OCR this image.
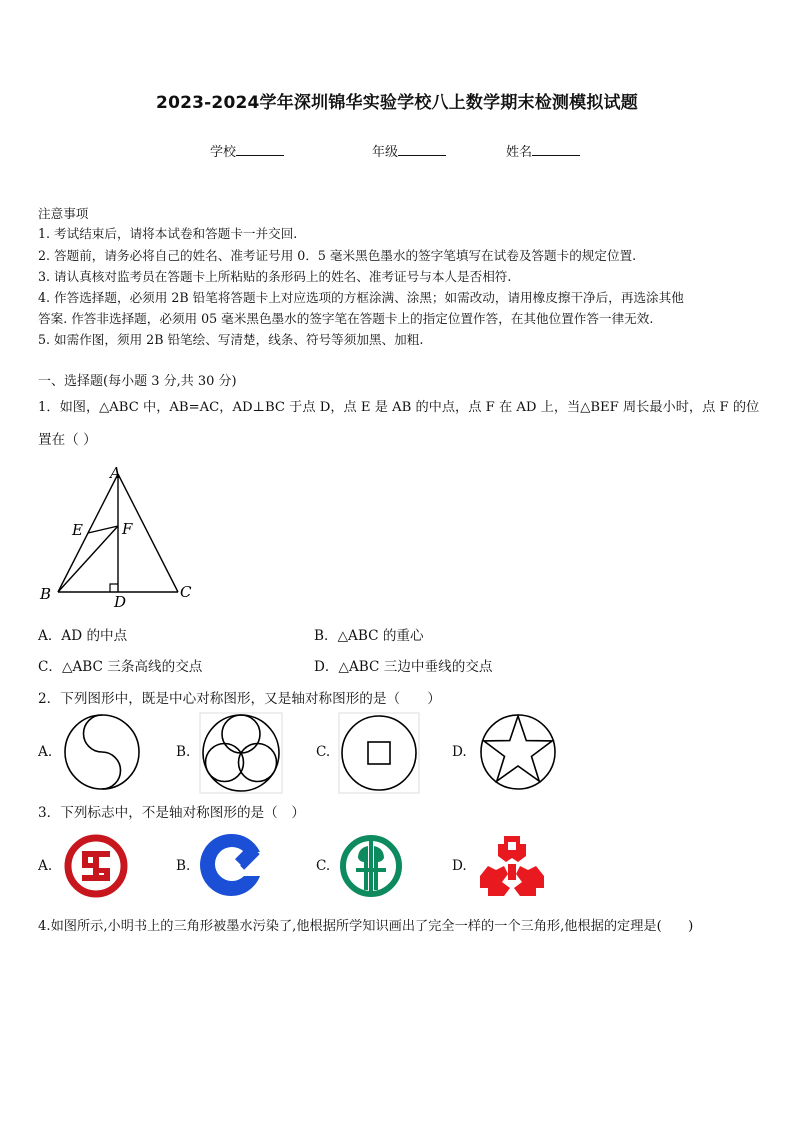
2023-2024学年深圳锦华实验学校八上数学期末检测模拟试题
学校	年级	姓名
注意事项
1. 考试结束后，请将本试卷和答题卡一并交回.
2. 答题前，请务必将自己的姓名、准考证号用 0．5 毫米黑色墨水的签字笔填写在试卷及答题卡的规定位置.
3. 请认真核对监考员在答题卡上所粘贴的条形码上的姓名、准考证号与本人是否相符.
4. 作答选择题，必须用 2B 铅笔将答题卡上对应选项的方框涂满、涂黑；如需改动，请用橡皮擦干净后，再选涂其他
答案. 作答非选择题，必须用 05 毫米黑色墨水的签字笔在答题卡上的指定位置作答，在其他位置作答一律无效.
5. 如需作图，须用 2B 铅笔绘、写清楚，线条、符号等须加黑、加粗.
一、选择题(每小题 3 分,共 30 分)
1．如图，△ABC 中，AB=AC，AD⊥BC 于点 D，点 E 是 AB 的中点，点 F 在 AD 上，当△BEF 周长最小时，点 F 的位
置在（ ）
A
E	F
B	C
D
A．AD 的中点	B．△ABC 的重心
C．△ABC 三条高线的交点	D．△ABC 三边中垂线的交点
2．下列图形中，既是中心对称图形，又是轴对称图形的是（　　）
A.	B.	C.	D.
3．下列标志中，不是轴对称图形的是（　）
A.	B.	C.	D.
4.如图所示,小明书上的三角形被墨水污染了,他根据所学知识画出了完全一样的一个三角形,他根据的定理是(　　)
